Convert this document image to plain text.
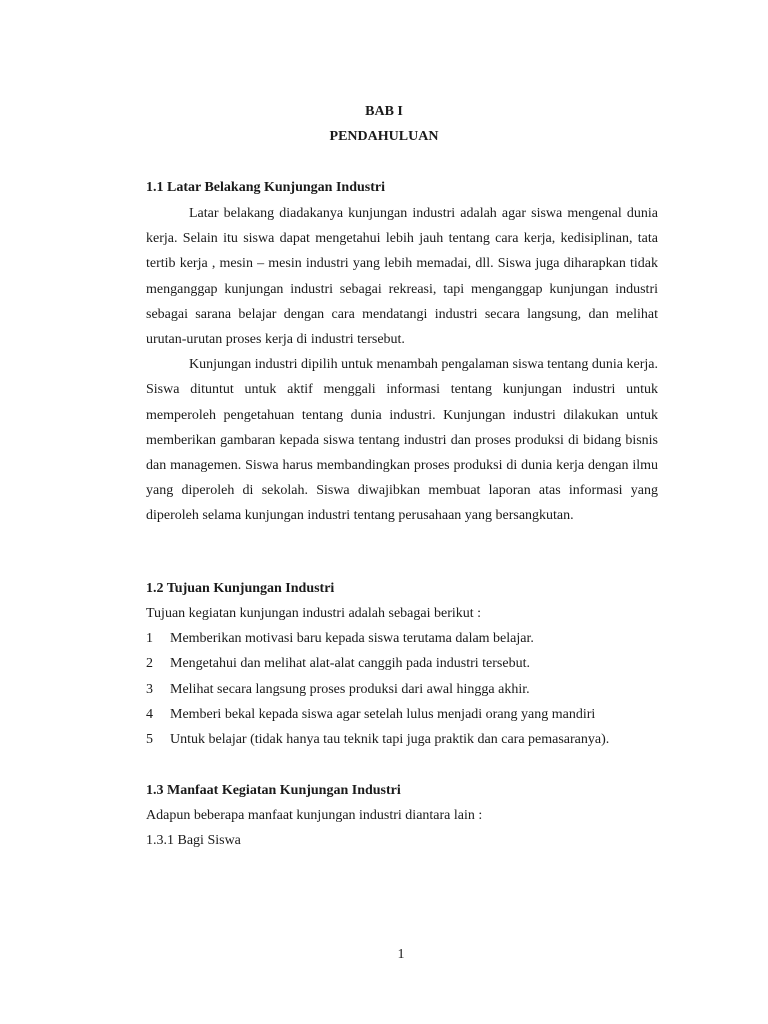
BAB I
PENDAHULUAN
1.1 Latar Belakang Kunjungan Industri

Latar belakang diadakanya kunjungan industri adalah agar siswa mengenal dunia kerja. Selain itu siswa dapat mengetahui lebih jauh tentang cara kerja, kedisiplinan, tata tertib kerja , mesin – mesin industri yang lebih memadai, dll. Siswa juga diharapkan tidak menganggap kunjungan industri sebagai rekreasi, tapi menganggap kunjungan industri sebagai sarana belajar dengan cara mendatangi industri secara langsung, dan melihat urutan-urutan proses kerja di industri tersebut.

Kunjungan industri dipilih untuk menambah pengalaman siswa tentang dunia kerja. Siswa dituntut untuk aktif menggali informasi tentang kunjungan industri untuk memperoleh pengetahuan tentang dunia industri. Kunjungan industri dilakukan untuk memberikan gambaran kepada siswa tentang industri dan proses produksi di bidang bisnis dan managemen. Siswa harus membandingkan proses produksi di dunia kerja dengan ilmu yang diperoleh di sekolah. Siswa diwajibkan membuat laporan atas informasi yang diperoleh selama kunjungan industri tentang perusahaan yang bersangkutan.

1.2 Tujuan Kunjungan Industri
Tujuan kegiatan kunjungan industri adalah sebagai berikut :
1 Memberikan motivasi baru kepada siswa terutama dalam belajar.
2 Mengetahui dan melihat alat-alat canggih pada industri tersebut.
3 Melihat secara langsung proses produksi dari awal hingga akhir.
4 Memberi bekal kepada siswa agar setelah lulus menjadi orang yang mandiri
5 Untuk belajar (tidak hanya tau teknik tapi juga praktik dan cara pemasaranya).
1.3 Manfaat Kegiatan Kunjungan Industri
Adapun beberapa manfaat kunjungan industri diantara lain :
1.3.1 Bagi Siswa
1
